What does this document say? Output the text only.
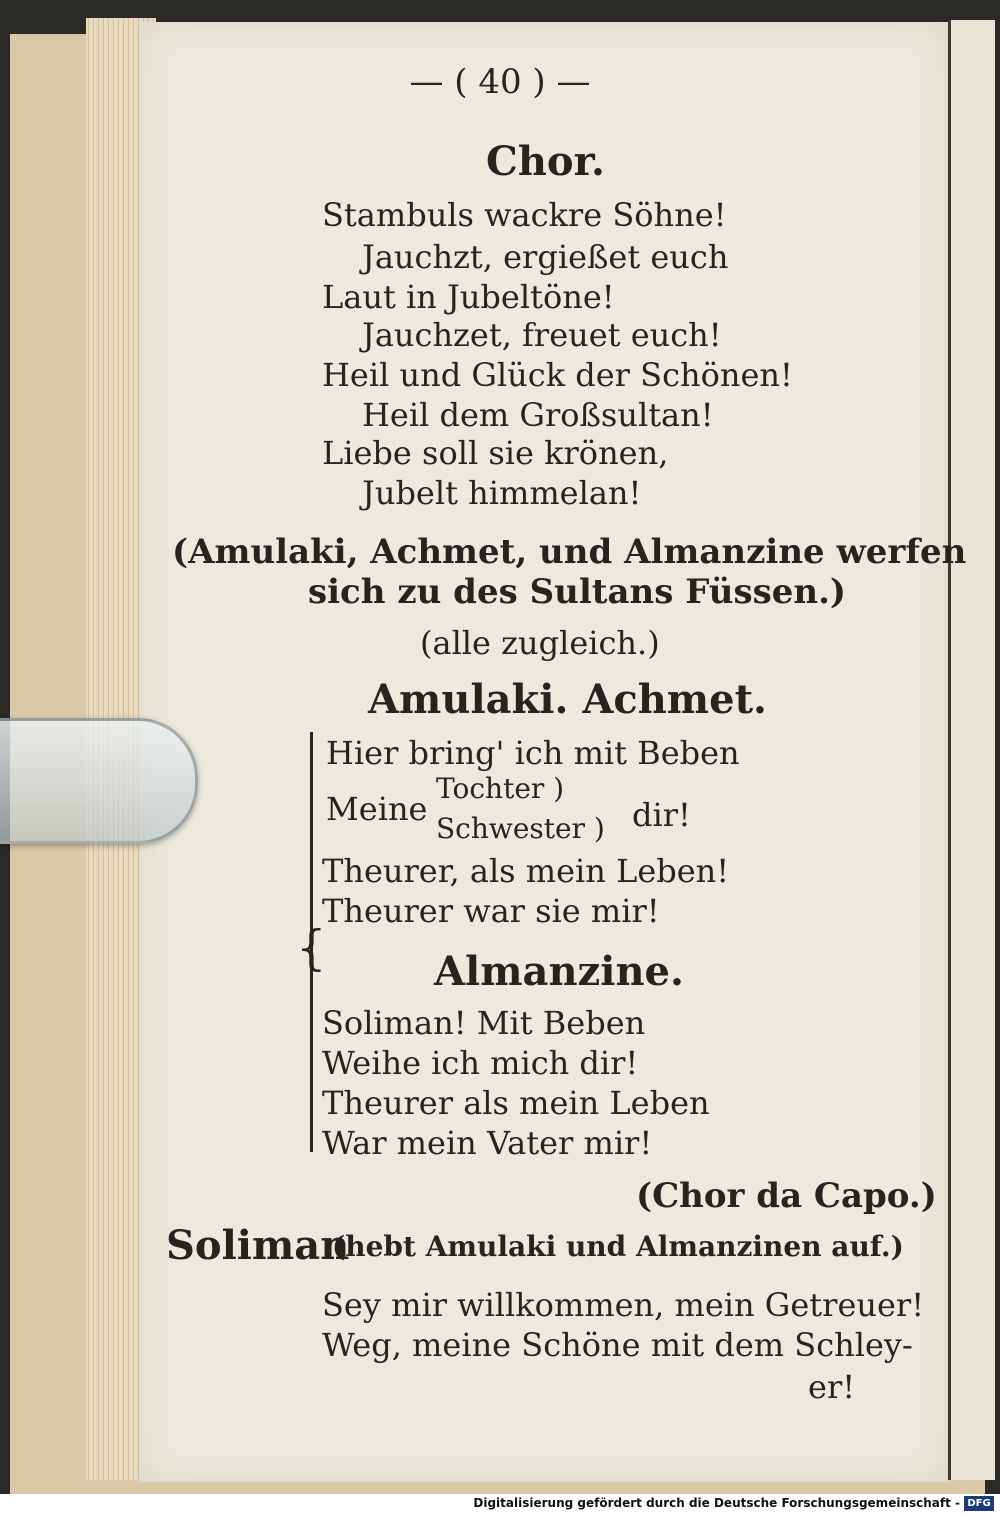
— ( 40 ) —
Chor.
Stambuls wackre Söhne!
Jauchzt, ergießet euch
Laut in Jubeltöne!
Jauchzet, freuet euch!
Heil und Glück der Schönen!
Heil dem Großsultan!
Liebe soll sie krönen,
Jubelt himmelan!
(Amulaki, Achmet, und Almanzine werfen
sich zu des Sultans Füssen.)
(alle zugleich.)
Amulaki. Achmet.
{
Hier bring' ich mit Beben
Meine
Tochter )
Schwester ) dir!
Theurer, als mein Leben!
Theurer war sie mir!
Almanzine.
Soliman! Mit Beben
Weihe ich mich dir!
Theurer als mein Leben
War mein Vater mir!
(Chor da Capo.)
Soliman
(hebt Amulaki und Almanzinen auf.)
Sey mir willkommen, mein Getreuer!
Weg, meine Schöne mit dem Schley-
er!
Digitalisierung gefördert durch die Deutsche Forschungsgemeinschaft - DFG
